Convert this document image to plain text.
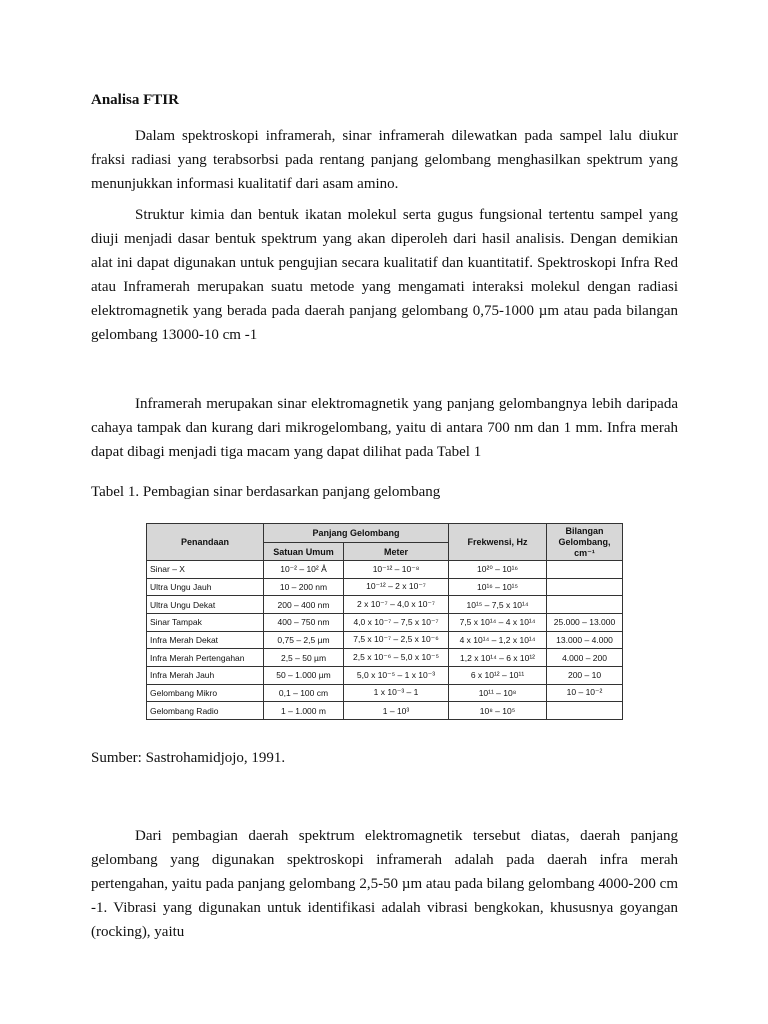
Analisa FTIR

Dalam spektroskopi inframerah, sinar inframerah dilewatkan pada sampel lalu diukur fraksi radiasi yang terabsorbsi pada rentang panjang gelombang menghasilkan spektrum yang menunjukkan informasi kualitatif dari asam amino.

Struktur kimia dan bentuk ikatan molekul serta gugus fungsional tertentu sampel yang diuji menjadi dasar bentuk spektrum yang akan diperoleh dari hasil analisis. Dengan demikian alat ini dapat digunakan untuk pengujian secara kualitatif dan kuantitatif. Spektroskopi Infra Red atau Inframerah merupakan suatu metode yang mengamati interaksi molekul dengan radiasi elektromagnetik yang berada pada daerah panjang gelombang 0,75-1000 µm atau pada bilangan gelombang 13000-10 cm -1

Inframerah merupakan sinar elektromagnetik yang panjang gelombangnya lebih daripada cahaya tampak dan kurang dari mikrogelombang, yaitu di antara 700 nm dan 1 mm. Infra merah dapat dibagi menjadi tiga macam yang dapat dilihat pada Tabel 1

Tabel 1. Pembagian sinar berdasarkan panjang gelombang
Penandaan	Panjang Gelombang		Frekwensi, Hz	Bilangan Gelombang, cm⁻¹
	Satuan Umum	Meter		
Sinar – X	10⁻² – 10² Å	10⁻¹² – 10⁻⁸	10²⁰ – 10¹⁶	
Ultra Ungu Jauh	10 – 200 nm	10⁻¹² – 2 x 10⁻⁷	10¹⁶ – 10¹⁵	
Ultra Ungu Dekat	200 – 400 nm	2 x 10⁻⁷ – 4,0 x 10⁻⁷	10¹⁵ – 7,5 x 10¹⁴	
Sinar Tampak	400 – 750 nm	4,0 x 10⁻⁷ – 7,5 x 10⁻⁷	7,5 x 10¹⁴ – 4 x 10¹⁴	25.000 – 13.000
Infra Merah Dekat	0,75 – 2,5 µm	7,5 x 10⁻⁷ – 2,5 x 10⁻⁶	4 x 10¹⁴ – 1,2 x 10¹⁴	13.000 – 4.000
Infra Merah Pertengahan	2,5 – 50 µm	2,5 x 10⁻⁶ – 5,0 x 10⁻⁵	1,2 x 10¹⁴ – 6 x 10¹²	4.000 – 200
Infra Merah Jauh	50 – 1.000 µm	5,0 x 10⁻⁵ – 1 x 10⁻³	6 x 10¹² – 10¹¹	200 – 10
Gelombang Mikro	0,1 – 100 cm	1 x 10⁻³ – 1	10¹¹ – 10⁸	10 – 10⁻²
Gelombang Radio	1 – 1.000 m	1 – 10³	10⁸ – 10⁵	
Sumber: Sastrohamidjojo, 1991.

Dari pembagian daerah spektrum elektromagnetik tersebut diatas, daerah panjang gelombang yang digunakan spektroskopi inframerah adalah pada daerah infra merah pertengahan, yaitu pada panjang gelombang 2,5-50 µm atau pada bilang gelombang 4000-200 cm -1. Vibrasi yang digunakan untuk identifikasi adalah vibrasi bengkokan, khususnya goyangan (rocking), yaitu
